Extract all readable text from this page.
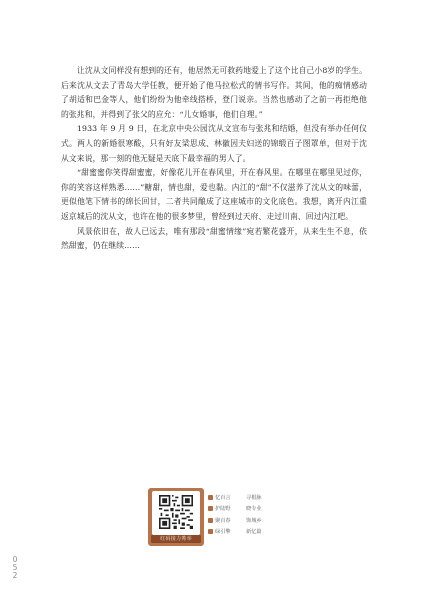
让沈从文同样没有想到的还有，他居然无可救药地爱上了这个比自己小8岁的学生。后来沈从文去了青岛大学任教，便开始了他马拉松式的情书写作。其间，他的痴情感动了胡适和巴金等人，他们纷纷为他牵线搭桥，登门说亲。当然也感动了之前一再拒绝他的张兆和，并得到了张父的应允：“儿女婚事，他们自理。”

1933 年 9 月 9 日，在北京中央公园沈从文宣布与张兆和结婚，但没有举办任何仪式。两人的新婚很寒酸，只有好友梁思成、林徽因夫妇送的锦缎百子图罩单，但对于沈从文来说，那一刻的他无疑是天底下最幸福的男人了。

“甜蜜蜜你笑得甜蜜蜜，好像花儿开在春风里，开在春风里。在哪里在哪里见过你，你的笑容这样熟悉……”糖甜，情也甜，爱也黏。内江的“甜”不仅滋养了沈从文的味蕾，更似他笔下情书的绵长回甘，二者共同酿成了这座城市的文化底色。我想，离开内江重返京城后的沈从文，也许在他的很多梦里，曾经到过天府、走过川南、回过内江吧。

风景依旧在，故人已远去，唯有那段“甜蜜情缘”宛若繁花盛开，从来生生不息，依然甜蜜，仍在继续……

红码接力莠举
忆百言	寻根脉
护陆野	晓专业
聚百春	饰城乡
绿引擎	新忆篇
052
